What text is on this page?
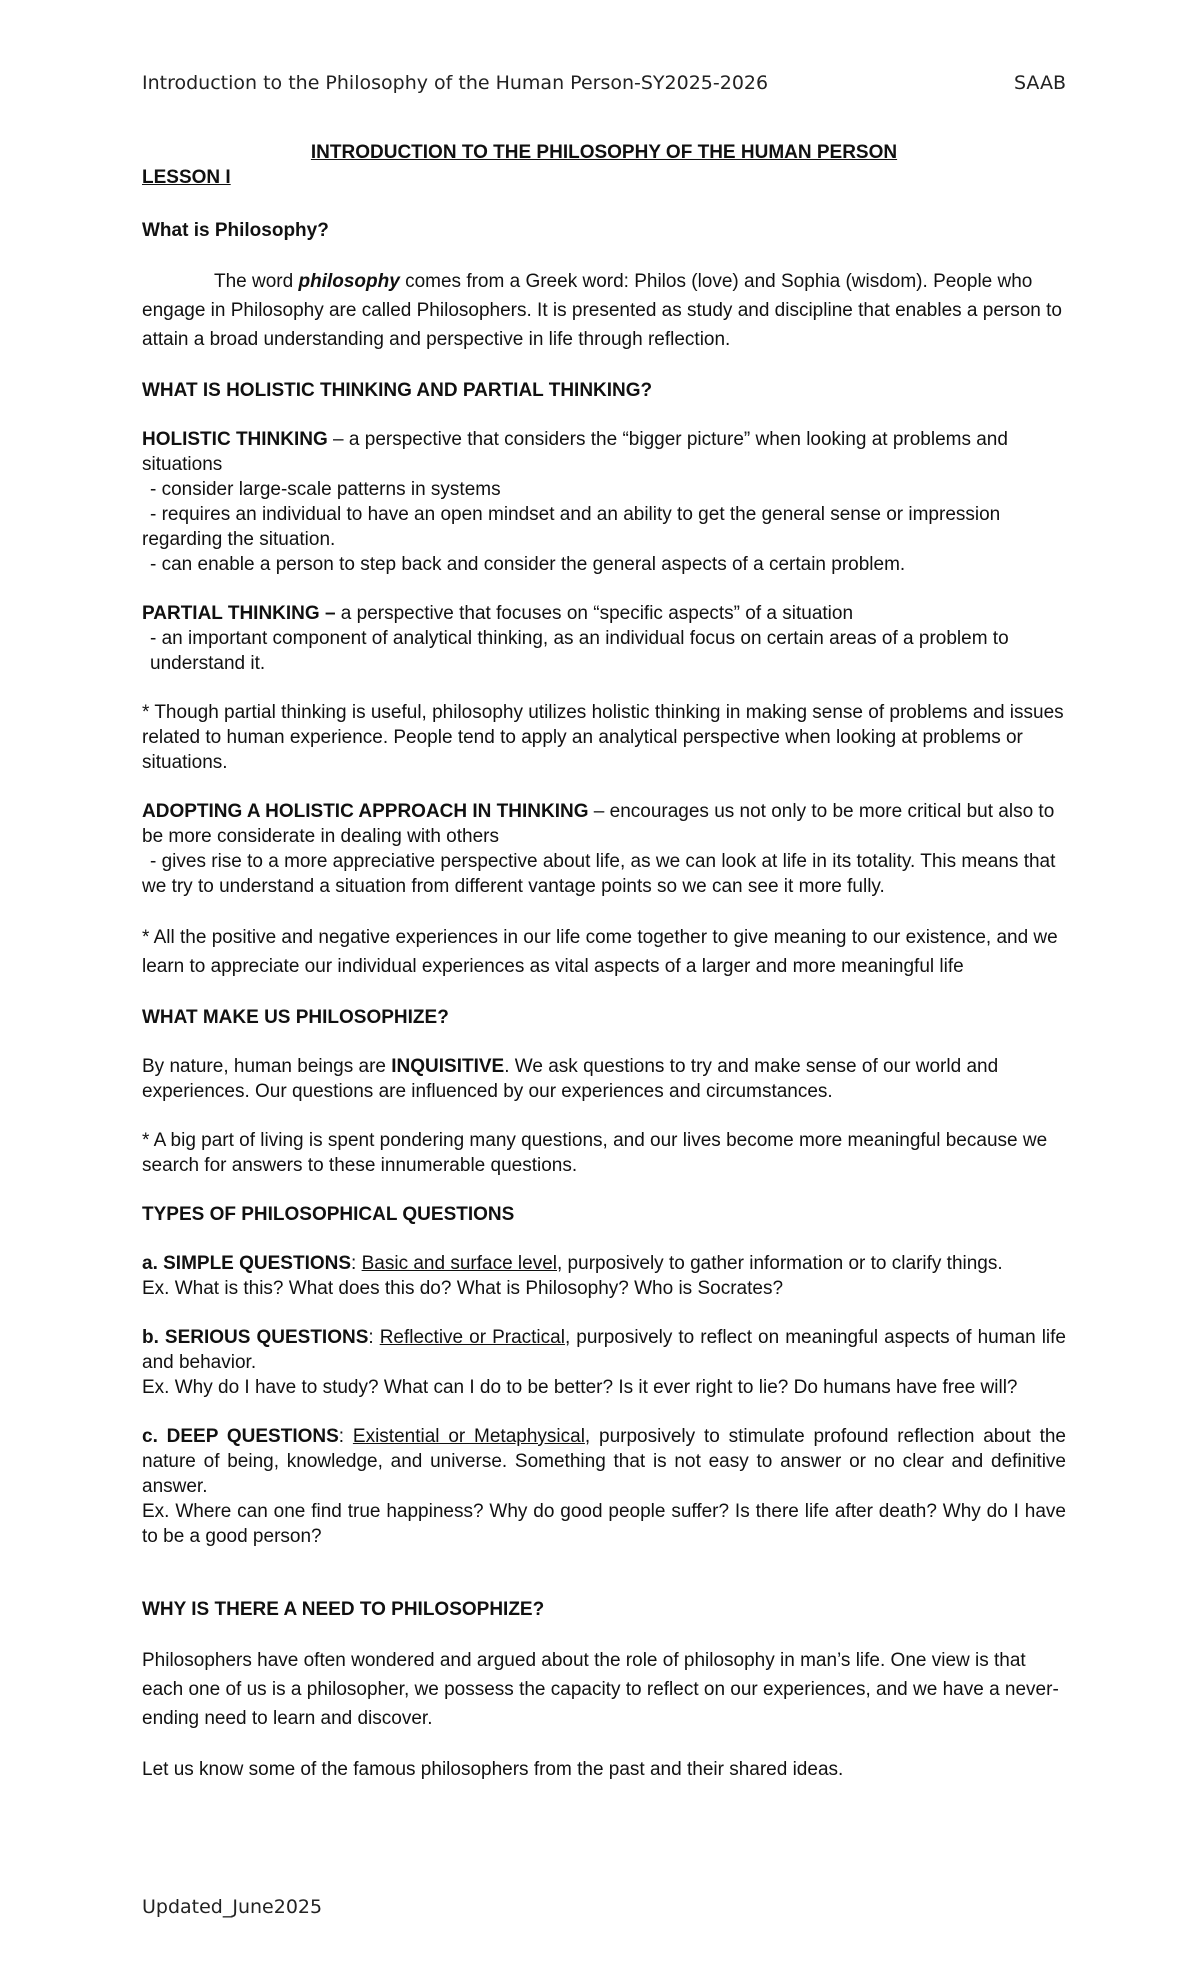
Introduction to the Philosophy of the Human Person-SY2025-2026	SAAB

INTRODUCTION TO THE PHILOSOPHY OF THE HUMAN PERSON

LESSON I

What is Philosophy?

The word philosophy comes from a Greek word: Philos (love) and Sophia (wisdom). People who engage in Philosophy are called Philosophers. It is presented as study and discipline that enables a person to attain a broad understanding and perspective in life through reflection.

WHAT IS HOLISTIC THINKING AND PARTIAL THINKING?

HOLISTIC THINKING – a perspective that considers the “bigger picture” when looking at problems and situations

- consider large-scale patterns in systems

- requires an individual to have an open mindset and an ability to get the general sense or impression regarding the situation.

- can enable a person to step back and consider the general aspects of a certain problem.

PARTIAL THINKING – a perspective that focuses on “specific aspects” of a situation

- an important component of analytical thinking, as an individual focus on certain areas of a problem to understand it.

* Though partial thinking is useful, philosophy utilizes holistic thinking in making sense of problems and issues related to human experience. People tend to apply an analytical perspective when looking at problems or situations.

ADOPTING A HOLISTIC APPROACH IN THINKING – encourages us not only to be more critical but also to be more considerate in dealing with others
- gives rise to a more appreciative perspective about life, as we can look at life in its totality. This means that we try to understand a situation from different vantage points so we can see it more fully.

* All the positive and negative experiences in our life come together to give meaning to our existence, and we learn to appreciate our individual experiences as vital aspects of a larger and more meaningful life

WHAT MAKE US PHILOSOPHIZE?

By nature, human beings are INQUISITIVE. We ask questions to try and make sense of our world and experiences. Our questions are influenced by our experiences and circumstances.

* A big part of living is spent pondering many questions, and our lives become more meaningful because we search for answers to these innumerable questions.

TYPES OF PHILOSOPHICAL QUESTIONS

a. SIMPLE QUESTIONS: Basic and surface level, purposively to gather information or to clarify things.
Ex. What is this? What does this do? What is Philosophy? Who is Socrates?

b. SERIOUS QUESTIONS: Reflective or Practical, purposively to reflect on meaningful aspects of human life and behavior.
Ex. Why do I have to study? What can I do to be better? Is it ever right to lie? Do humans have free will?

c. DEEP QUESTIONS: Existential or Metaphysical, purposively to stimulate profound reflection about the nature of being, knowledge, and universe. Something that is not easy to answer or no clear and definitive answer.
Ex. Where can one find true happiness? Why do good people suffer? Is there life after death? Why do I have to be a good person?

WHY IS THERE A NEED TO PHILOSOPHIZE?

Philosophers have often wondered and argued about the role of philosophy in man’s life. One view is that each one of us is a philosopher, we possess the capacity to reflect on our experiences, and we have a never-ending need to learn and discover.

Let us know some of the famous philosophers from the past and their shared ideas.

Updated_June2025
